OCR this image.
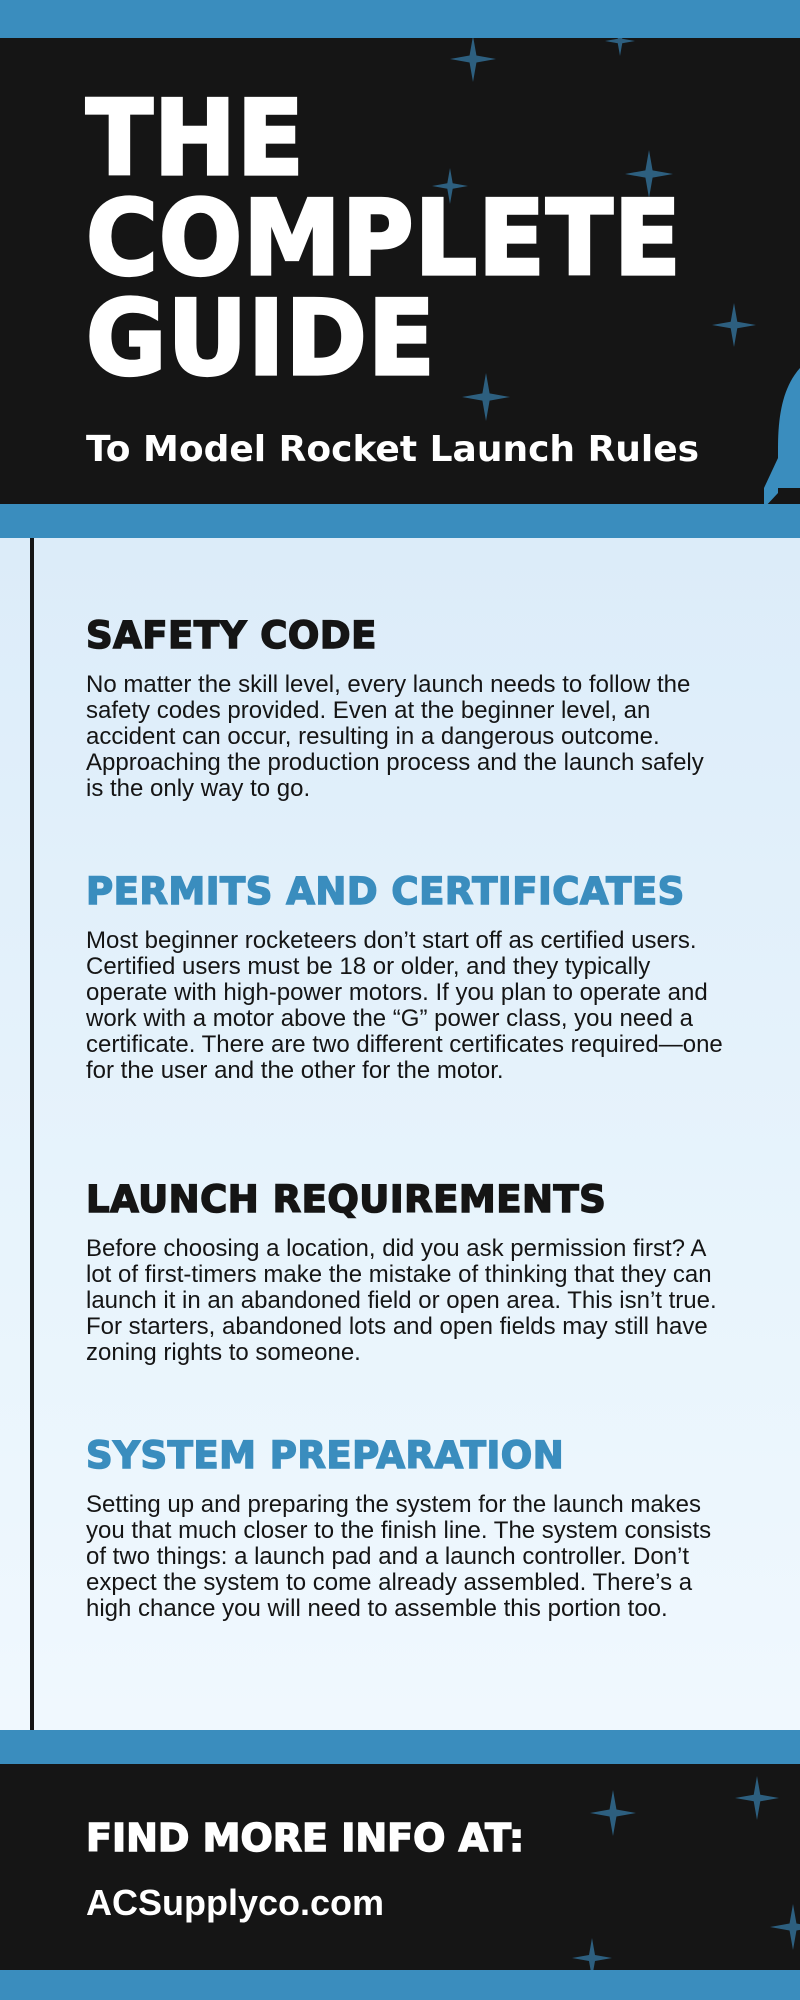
THE
COMPLETE
GUIDE

To Model Rocket Launch Rules

SAFETY CODE

No matter the skill level, every launch needs to follow the safety codes provided. Even at the beginner level, an accident can occur, resulting in a dangerous outcome. Approaching the production process and the launch safely is the only way to go.

PERMITS AND CERTIFICATES

Most beginner rocketeers don’t start off as certified users. Certified users must be 18 or older, and they typically operate with high-power motors. If you plan to operate and work with a motor above the “G” power class, you need a certificate. There are two different certificates required—one for the user and the other for the motor.

LAUNCH REQUIREMENTS

Before choosing a location, did you ask permission first? A lot of first-timers make the mistake of thinking that they can launch it in an abandoned field or open area. This isn’t true. For starters, abandoned lots and open fields may still have zoning rights to someone.

SYSTEM PREPARATION

Setting up and preparing the system for the launch makes you that much closer to the finish line. The system consists of two things: a launch pad and a launch controller. Don’t expect the system to come already assembled. There’s a high chance you will need to assemble this portion too.

FIND MORE INFO AT:
ACSupplyco.com
